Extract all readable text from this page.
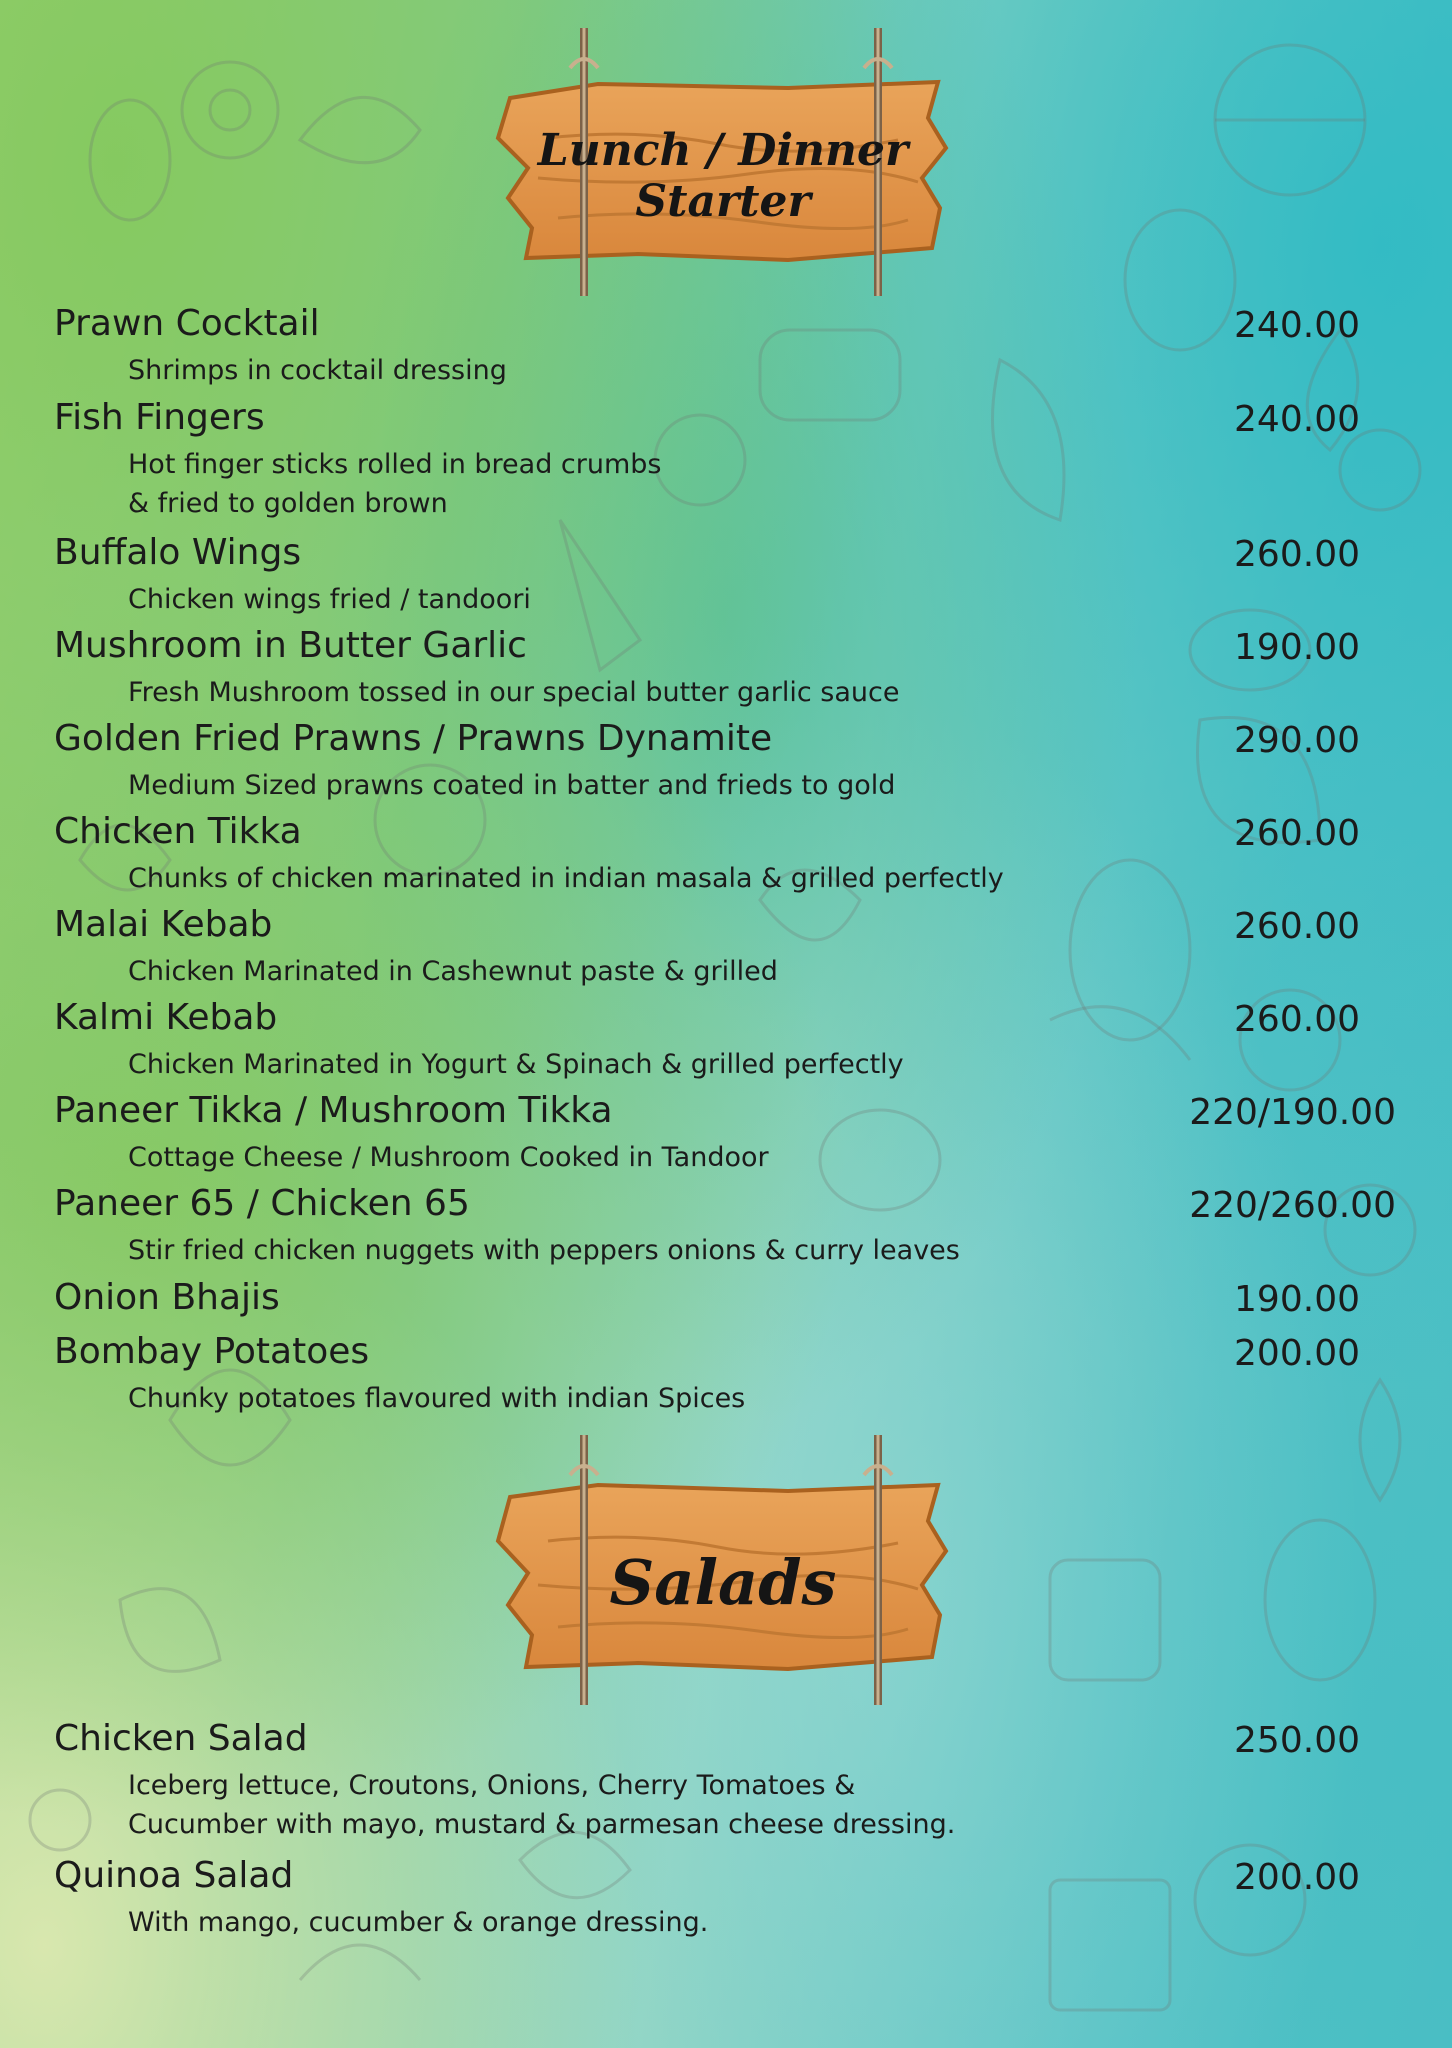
Lunch / Dinner
Starter
Prawn Cocktail	240.00
Shrimps in cocktail dressing
Fish Fingers	240.00
Hot finger sticks rolled in bread crumbs
& fried to golden brown
Buffalo Wings	260.00
Chicken wings fried / tandoori
Mushroom in Butter Garlic	190.00
Fresh Mushroom tossed in our special butter garlic sauce
Golden Fried Prawns / Prawns Dynamite	290.00
Medium Sized prawns coated in batter and frieds to gold
Chicken Tikka	260.00
Chunks of chicken marinated in indian masala & grilled perfectly
Malai Kebab	260.00
Chicken Marinated in Cashewnut paste & grilled
Kalmi Kebab	260.00
Chicken Marinated in Yogurt & Spinach & grilled perfectly
Paneer Tikka / Mushroom Tikka	220/190.00
Cottage Cheese / Mushroom Cooked in Tandoor
Paneer 65 / Chicken 65	220/260.00
Stir fried chicken nuggets with peppers onions & curry leaves
Onion Bhajis	190.00
Bombay Potatoes	200.00
Chunky potatoes flavoured with indian Spices
Salads
Chicken Salad	250.00
Iceberg lettuce, Croutons, Onions, Cherry Tomatoes &
Cucumber with mayo, mustard & parmesan cheese dressing.
Quinoa Salad	200.00
With mango, cucumber & orange dressing.
